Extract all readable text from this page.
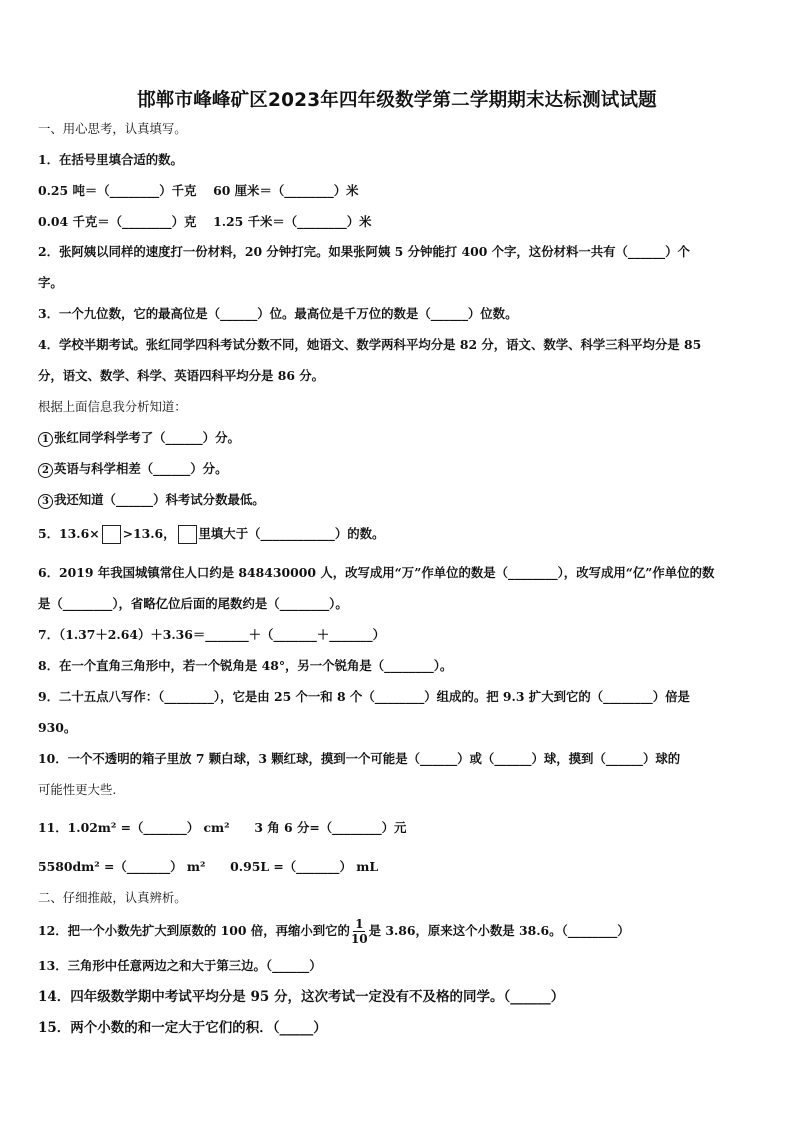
邯郸市峰峰矿区2023年四年级数学第二学期期末达标测试试题
一、用心思考，认真填写。
1．在括号里填合适的数。
0.25 吨＝（________）千克　 60 厘米＝（________）米
0.04 千克＝（________）克　 1.25 千米＝（________）米
2．张阿姨以同样的速度打一份材料，20 分钟打完。如果张阿姨 5 分钟能打 400 个字，这份材料一共有（______）个
字。
3．一个九位数，它的最高位是（______）位。最高位是千万位的数是（______）位数。
4．学校半期考试。张红同学四科考试分数不同，她语文、数学两科平均分是 82 分，语文、数学、科学三科平均分是 85
分，语文、数学、科学、英语四科平均分是 86 分。
根据上面信息我分析知道：
1 张红同学科学考了（______）分。
2 英语与科学相差（______）分。
3 我还知道（______）科考试分数最低。
5．13.6× >13.6， 里填大于（____________）的数。
6．2019 年我国城镇常住人口约是 848430000 人，改写成用“万”作单位的数是（________），改写成用“亿”作单位的数
是（________），省略亿位后面的尾数约是（________）。
7．（1.37＋2.64）＋3.36＝_______＋（_______＋_______）
8．在一个直角三角形中，若一个锐角是 48°，另一个锐角是（________）。
9．二十五点八写作：（________），它是由 25 个一和 8 个（________）组成的。把 9.3 扩大到它的（________）倍是
930。
10．一个不透明的箱子里放 7 颗白球，3 颗红球，摸到一个可能是（______）或（______）球，摸到（______）球的
可能性更大些.
11．1.02m² =（_______） cm²　　3 角 6 分=（________）元
5580dm² =（_______） m²　　0.95L =（_______） mL
二、仔细推敲，认真辨析。
12．把一个小数先扩大到原数的 100 倍，再缩小到它的 $\frac{1}{10}$ 是 3.86，原来这个小数是 38.6。（________）
13．三角形中任意两边之和大于第三边。（______）
14．四年级数学期中考试平均分是 95 分，这次考试一定没有不及格的同学。（______）
15．两个小数的和一定大于它们的积．（_____）
